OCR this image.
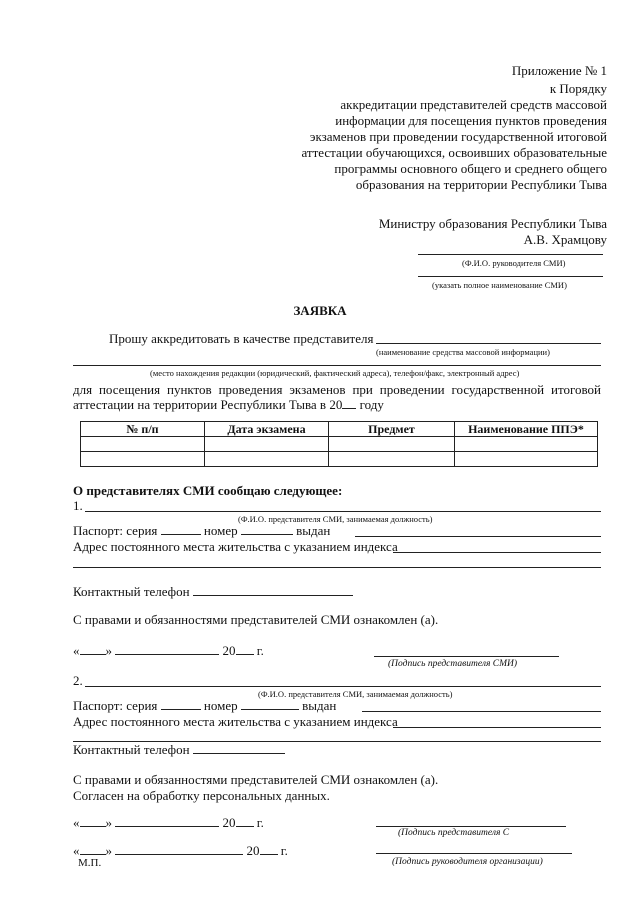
Приложение № 1
к Порядку
аккредитации представителей средств массовой
информации для посещения пунктов проведения
экзаменов при проведении государственной итоговой
аттестации обучающихся, освоивших образовательные
программы основного общего и среднего общего
образования на территории Республики Тыва
Министру образования Республики Тыва
А.В. Храмцову
(Ф.И.О. руководителя СМИ)
(указать полное наименование СМИ)
ЗАЯВКА
Прошу аккредитовать в качестве представителя
(наименование средства массовой информации)
(место нахождения редакции (юридический, фактический адреса), телефон/факс, электронный адрес)
для посещения пунктов проведения экзаменов при проведении государственной итоговой
аттестации на территории Республики Тыва в 20 году
№ п/п	Дата экзамена	Предмет	Наименование ППЭ*

О представителях СМИ сообщаю следующее:
1.
(Ф.И.О. представителя СМИ, занимаемая должность)
Паспорт: серия	номер	выдан
Адрес постоянного места жительства с указанием индекса
Контактный телефон
С правами и обязанностями представителей СМИ ознакомлен (а).
« »	20 г.
(Подпись представителя СМИ)
2.
(Ф.И.О. представителя СМИ, занимаемая должность)
Паспорт: серия	номер	выдан
Адрес постоянного места жительства с указанием индекса
Контактный телефон
С правами и обязанностями представителей СМИ ознакомлен (а).
Согласен на обработку персональных данных.
« »	20 г.
(Подпись представителя С
« »	20 г.
(Подпись руководителя организации)
М.П.
